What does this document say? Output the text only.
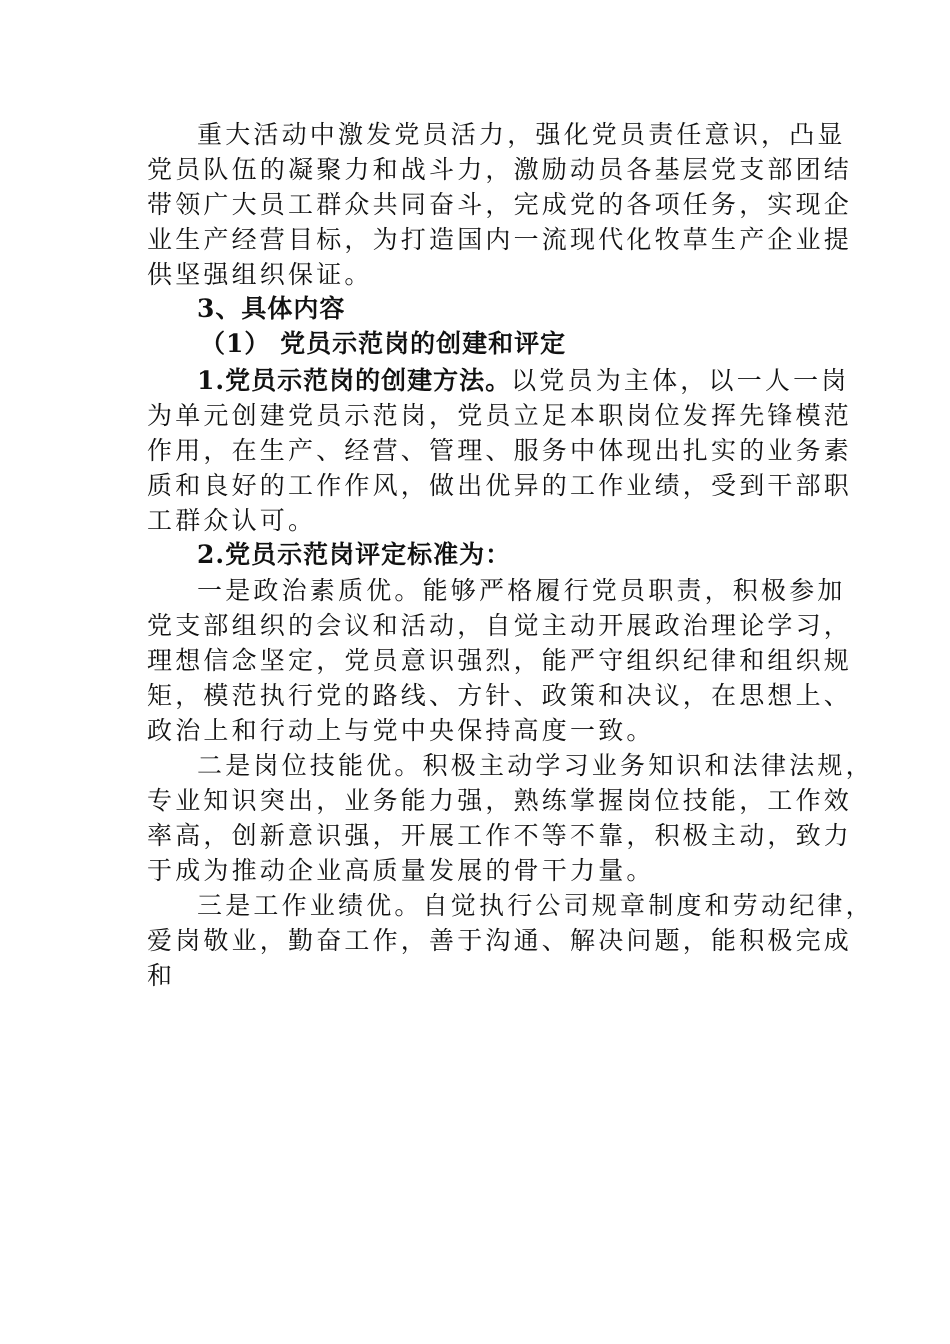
重大活动中激发党员活力，强化党员责任意识，凸显
党员队伍的凝聚力和战斗力，激励动员各基层党支部团结
带领广大员工群众共同奋斗，完成党的各项任务，实现企
业生产经营目标，为打造国内一流现代化牧草生产企业提
供坚强组织保证。
3、具体内容
（1） 党员示范岗的创建和评定
1.党员示范岗的创建方法。以党员为主体，以一人一岗
为单元创建党员示范岗，党员立足本职岗位发挥先锋模范
作用，在生产、经营、管理、服务中体现出扎实的业务素
质和良好的工作作风，做出优异的工作业绩，受到干部职
工群众认可。
2.党员示范岗评定标准为：
一是政治素质优。能够严格履行党员职责，积极参加
党支部组织的会议和活动，自觉主动开展政治理论学习，
理想信念坚定，党员意识强烈，能严守组织纪律和组织规
矩，模范执行党的路线、方针、政策和决议，在思想上、
政治上和行动上与党中央保持高度一致。
二是岗位技能优。积极主动学习业务知识和法律法规，
专业知识突出，业务能力强，熟练掌握岗位技能，工作效
率高，创新意识强，开展工作不等不靠，积极主动，致力
于成为推动企业高质量发展的骨干力量。
三是工作业绩优。自觉执行公司规章制度和劳动纪律，
爱岗敬业，勤奋工作，善于沟通、解决问题，能积极完成
和
